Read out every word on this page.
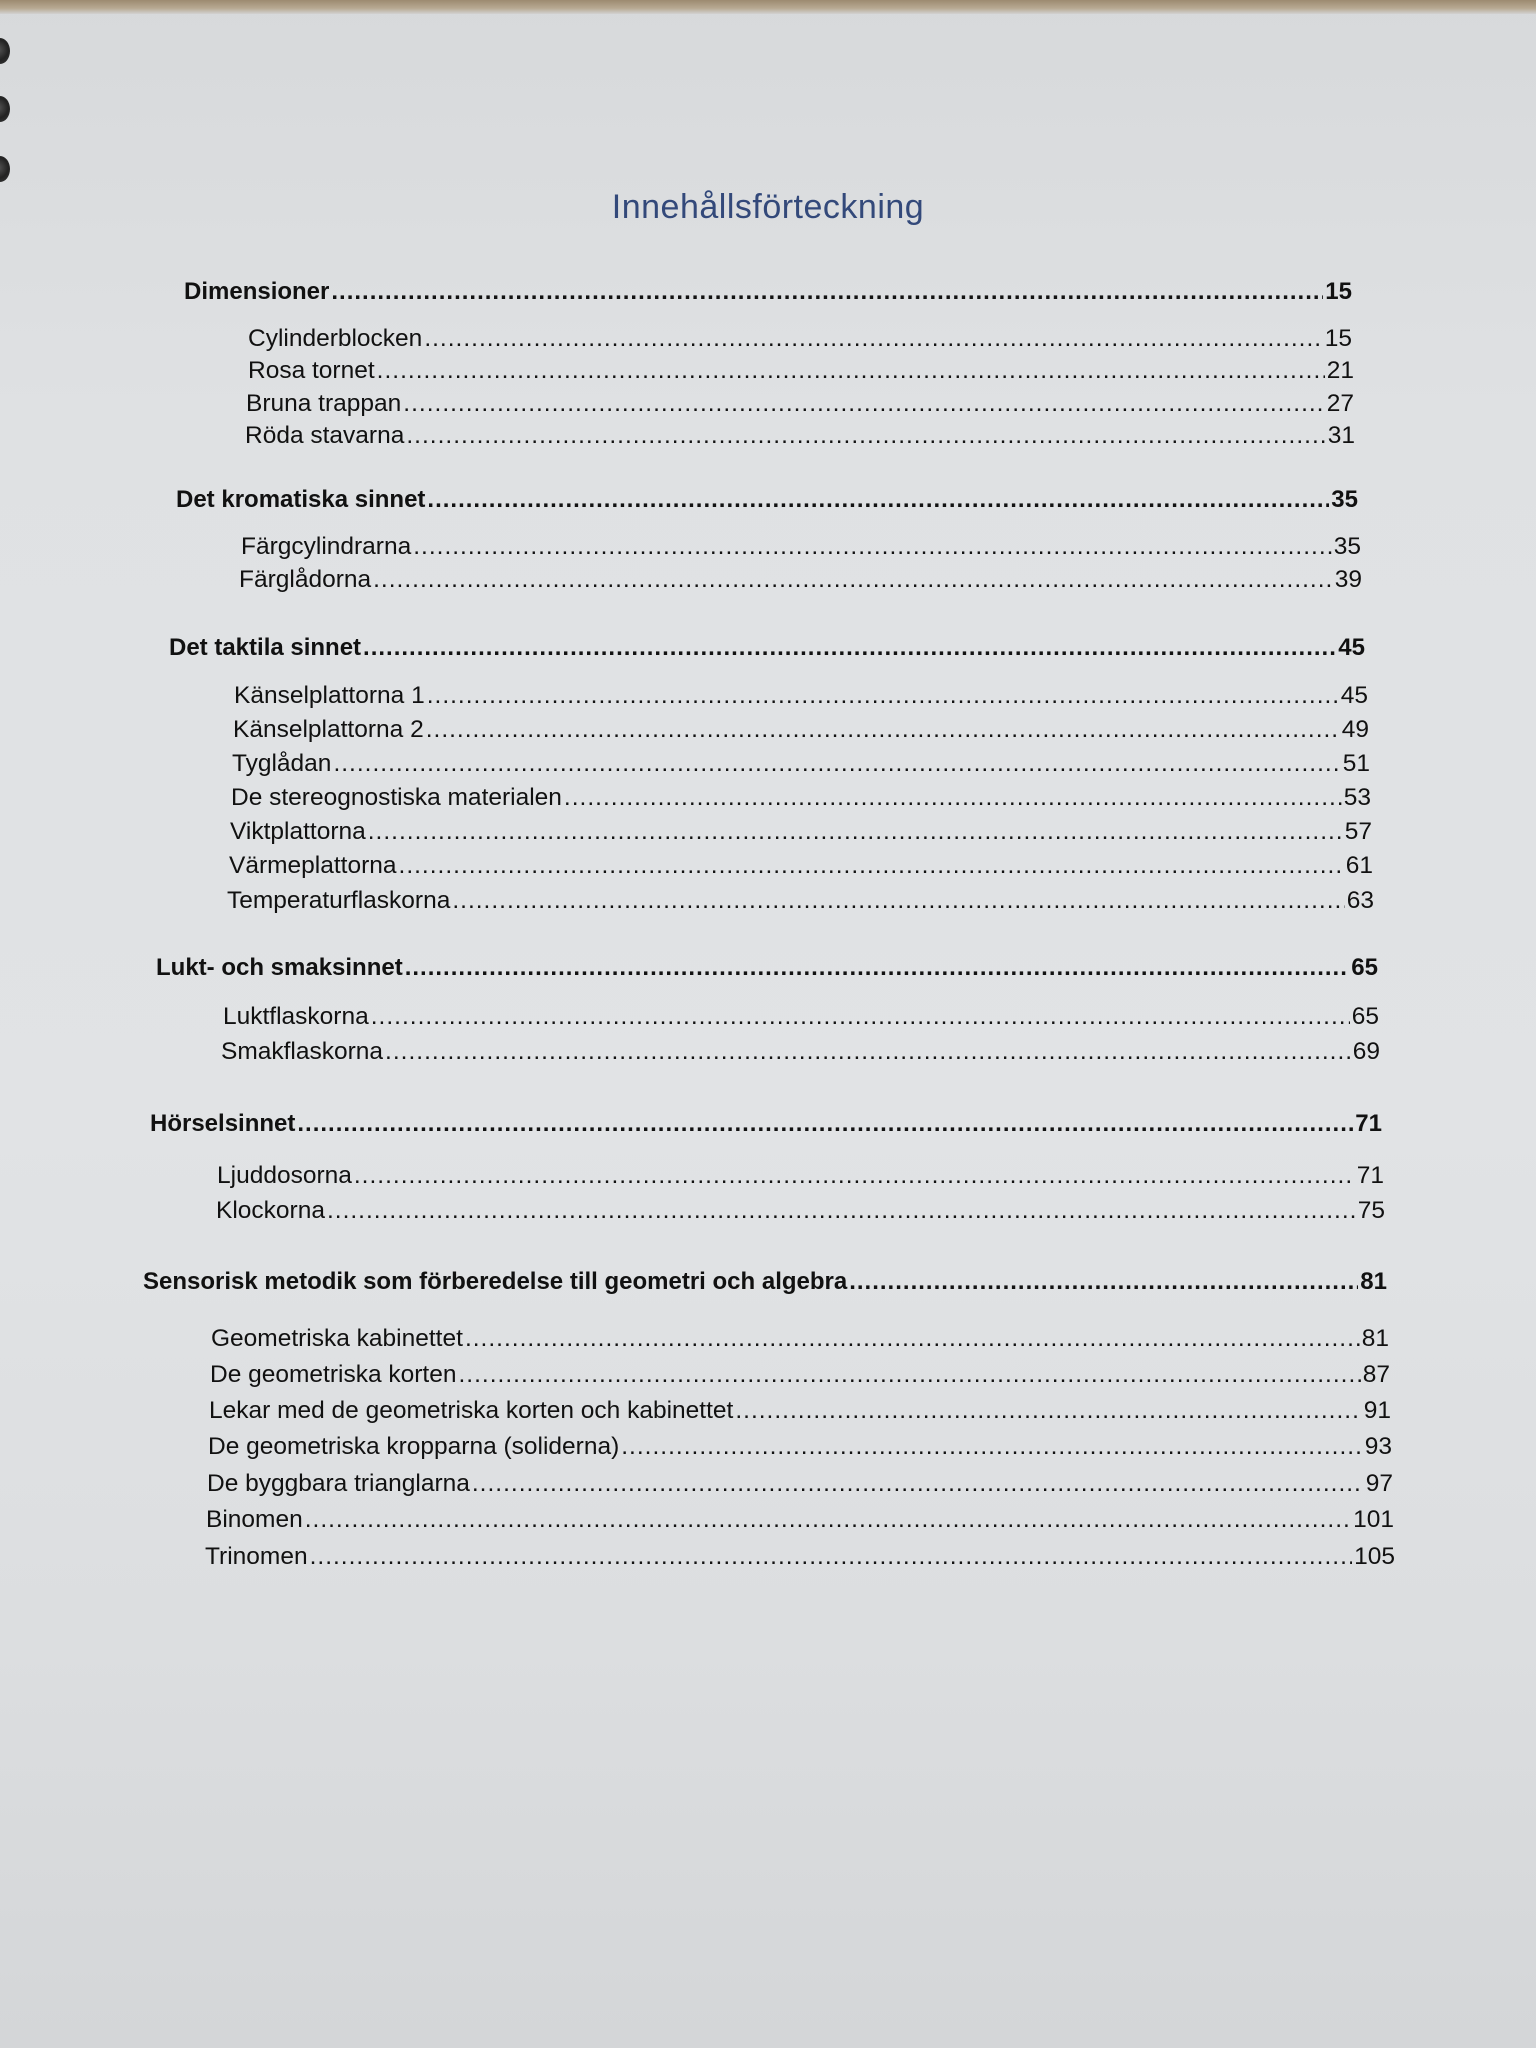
Innehållsförteckning
Dimensioner .....	15
Cylinderblocken .....	15
Rosa tornet .....	21
Bruna trappan .....	27
Röda stavarna .....	31
Det kromatiska sinnet .....	35
Färgcylindrarna .....	35
Färglådorna .....	39
Det taktila sinnet .....	45
Känselplattorna 1 .....	45
Känselplattorna 2 .....	49
Tyglådan .....	51
De stereognostiska materialen .....	53
Viktplattorna .....	57
Värmeplattorna .....	61
Temperaturflaskorna .....	63
Lukt- och smaksinnet .....	65
Luktflaskorna .....	65
Smakflaskorna .....	69
Hörselsinnet .....	71
Ljuddosorna .....	71
Klockorna .....	75
Sensorisk metodik som förberedelse till geometri och algebra .....	81
Geometriska kabinettet .....	81
De geometriska korten .....	87
Lekar med de geometriska korten och kabinettet .....	91
De geometriska kropparna (soliderna) .....	93
De byggbara trianglarna .....	97
Binomen .....	101
Trinomen .....	105
